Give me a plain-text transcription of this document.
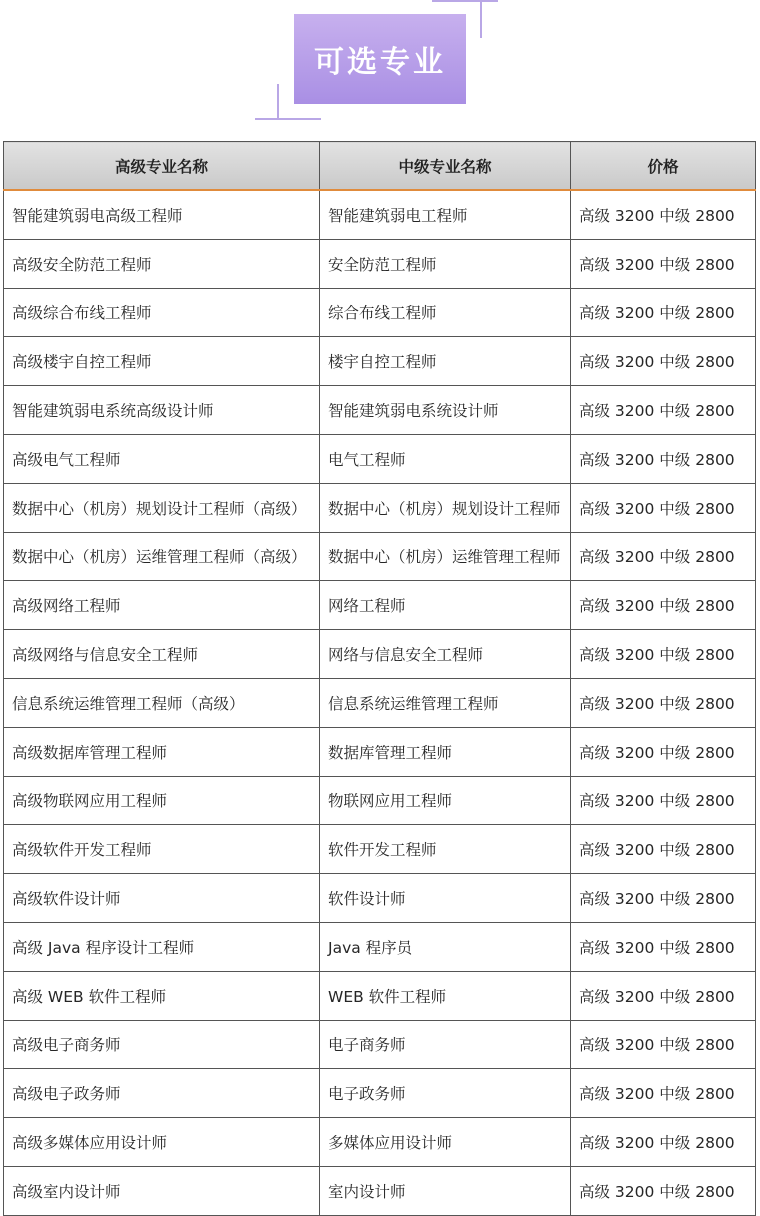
可选专业
高级专业名称	中级专业名称	价格
智能建筑弱电高级工程师	智能建筑弱电工程师	高级 3200 中级 2800
高级安全防范工程师	安全防范工程师	高级 3200 中级 2800
高级综合布线工程师	综合布线工程师	高级 3200 中级 2800
高级楼宇自控工程师	楼宇自控工程师	高级 3200 中级 2800
智能建筑弱电系统高级设计师	智能建筑弱电系统设计师	高级 3200 中级 2800
高级电气工程师	电气工程师	高级 3200 中级 2800
数据中心（机房）规划设计工程师（高级）	数据中心（机房）规划设计工程师	高级 3200 中级 2800
数据中心（机房）运维管理工程师（高级）	数据中心（机房）运维管理工程师	高级 3200 中级 2800
高级网络工程师	网络工程师	高级 3200 中级 2800
高级网络与信息安全工程师	网络与信息安全工程师	高级 3200 中级 2800
信息系统运维管理工程师（高级）	信息系统运维管理工程师	高级 3200 中级 2800
高级数据库管理工程师	数据库管理工程师	高级 3200 中级 2800
高级物联网应用工程师	物联网应用工程师	高级 3200 中级 2800
高级软件开发工程师	软件开发工程师	高级 3200 中级 2800
高级软件设计师	软件设计师	高级 3200 中级 2800
高级 Java 程序设计工程师	Java 程序员	高级 3200 中级 2800
高级 WEB 软件工程师	WEB 软件工程师	高级 3200 中级 2800
高级电子商务师	电子商务师	高级 3200 中级 2800
高级电子政务师	电子政务师	高级 3200 中级 2800
高级多媒体应用设计师	多媒体应用设计师	高级 3200 中级 2800
高级室内设计师	室内设计师	高级 3200 中级 2800
